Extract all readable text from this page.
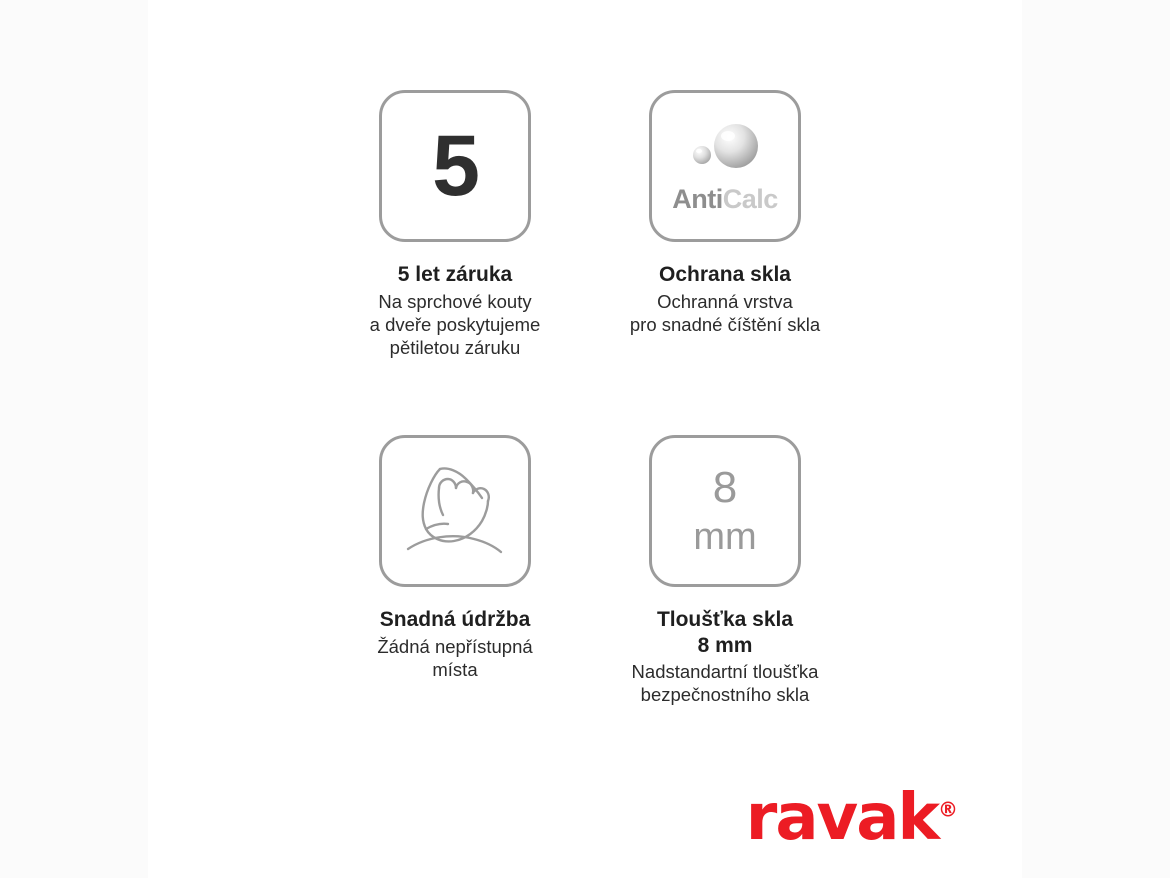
5
5 let záruka
Na sprchové kouty
a dveře poskytujeme
pětiletou záruku
AntiCalc
Ochrana skla
Ochranná vrstva
pro snadné číštění skla
Snadná údržba
Žádná nepřístupná
místa
8
mm
Tloušťka skla
8 mm
Nadstandartní tloušťka
bezpečnostního skla
ravak®
